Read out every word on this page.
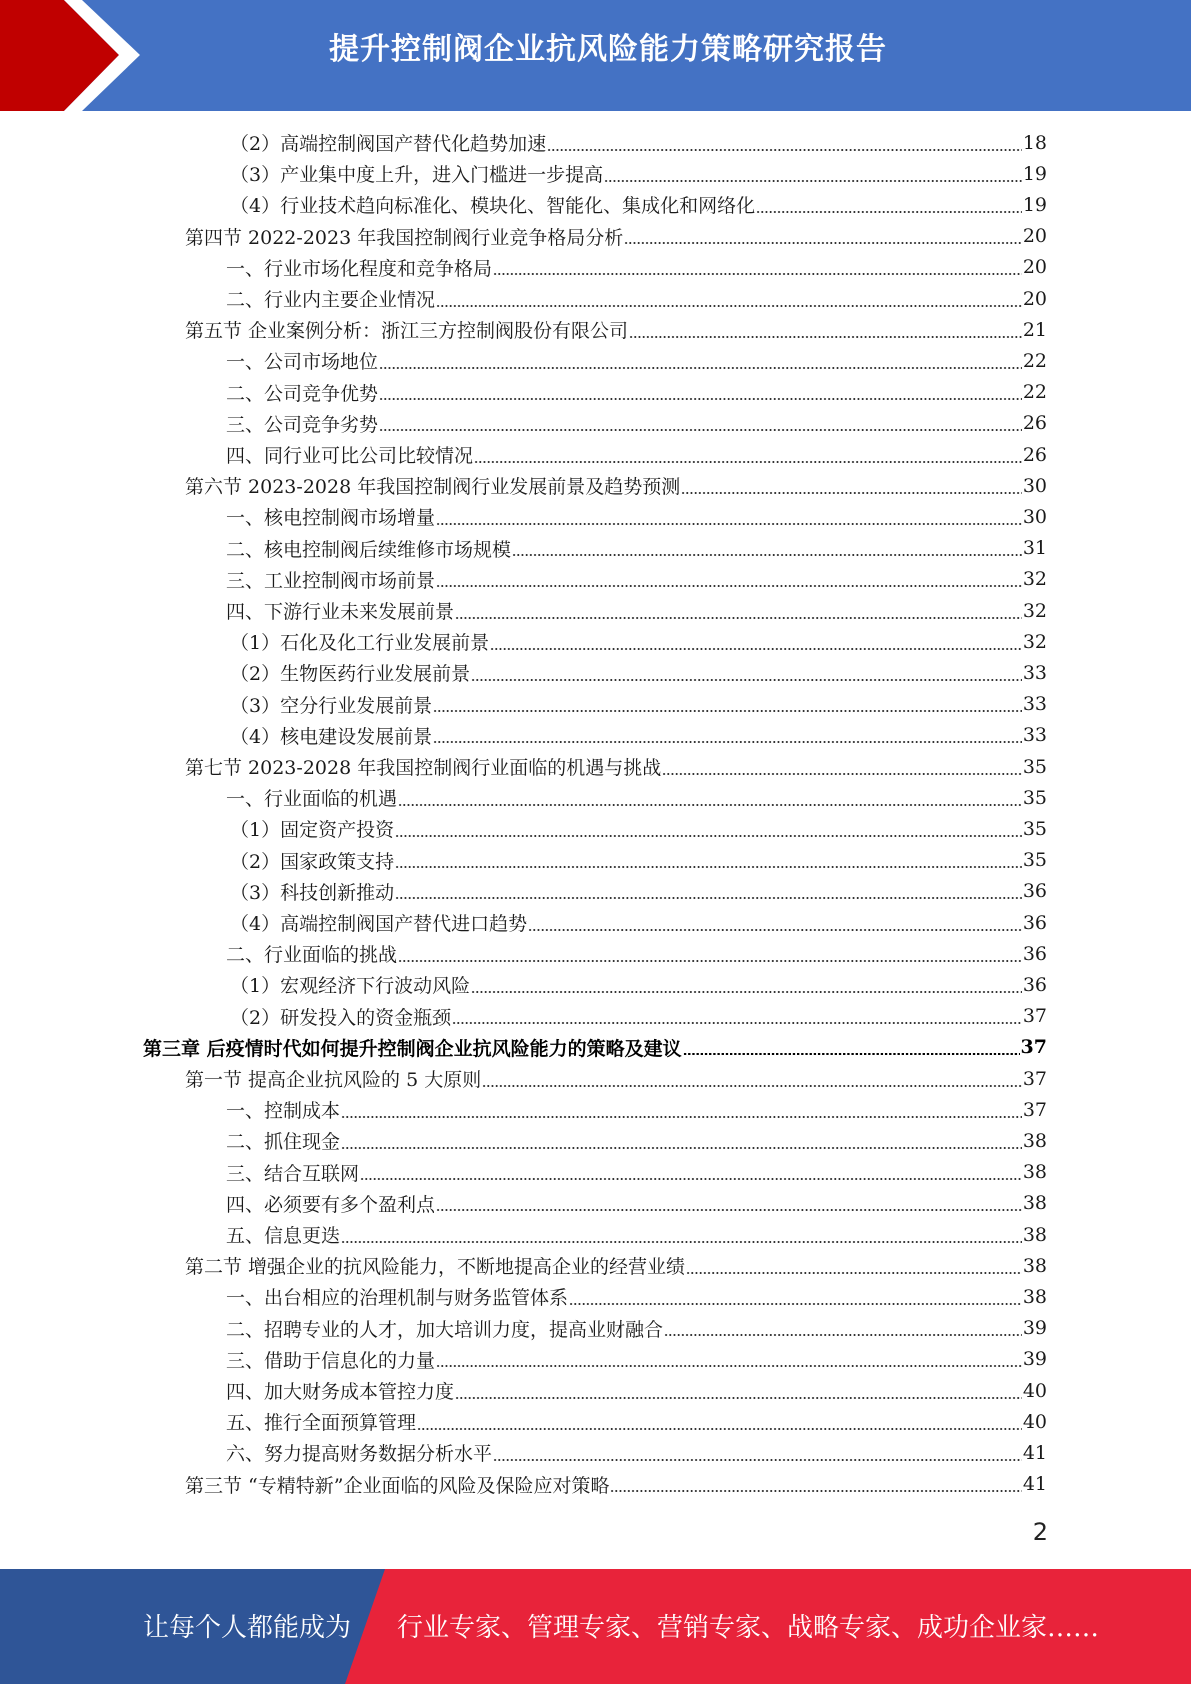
提升控制阀企业抗风险能力策略研究报告
（2）高端控制阀国产替代化趋势加速	18
（3）产业集中度上升，进入门槛进一步提高	19
（4）行业技术趋向标准化、模块化、智能化、集成化和网络化	19
第四节 2022-2023 年我国控制阀行业竞争格局分析	20
一、行业市场化程度和竞争格局	20
二、行业内主要企业情况	20
第五节 企业案例分析：浙江三方控制阀股份有限公司	21
一、公司市场地位	22
二、公司竞争优势	22
三、公司竞争劣势	26
四、同行业可比公司比较情况	26
第六节 2023-2028 年我国控制阀行业发展前景及趋势预测	30
一、核电控制阀市场增量	30
二、核电控制阀后续维修市场规模	31
三、工业控制阀市场前景	32
四、下游行业未来发展前景	32
（1）石化及化工行业发展前景	32
（2）生物医药行业发展前景	33
（3）空分行业发展前景	33
（4）核电建设发展前景	33
第七节 2023-2028 年我国控制阀行业面临的机遇与挑战	35
一、行业面临的机遇	35
（1）固定资产投资	35
（2）国家政策支持	35
（3）科技创新推动	36
（4）高端控制阀国产替代进口趋势	36
二、行业面临的挑战	36
（1）宏观经济下行波动风险	36
（2）研发投入的资金瓶颈	37
第三章 后疫情时代如何提升控制阀企业抗风险能力的策略及建议	37
第一节 提高企业抗风险的 5 大原则	37
一、控制成本	37
二、抓住现金	38
三、结合互联网	38
四、必须要有多个盈利点	38
五、信息更迭	38
第二节 增强企业的抗风险能力，不断地提高企业的经营业绩	38
一、出台相应的治理机制与财务监管体系	38
二、招聘专业的人才，加大培训力度，提高业财融合	39
三、借助于信息化的力量	39
四、加大财务成本管控力度	40
五、推行全面预算管理	40
六、努力提高财务数据分析水平	41
第三节 “专精特新”企业面临的风险及保险应对策略	41
2
让每个人都能成为 行业专家、管理专家、营销专家、战略专家、成功企业家……
